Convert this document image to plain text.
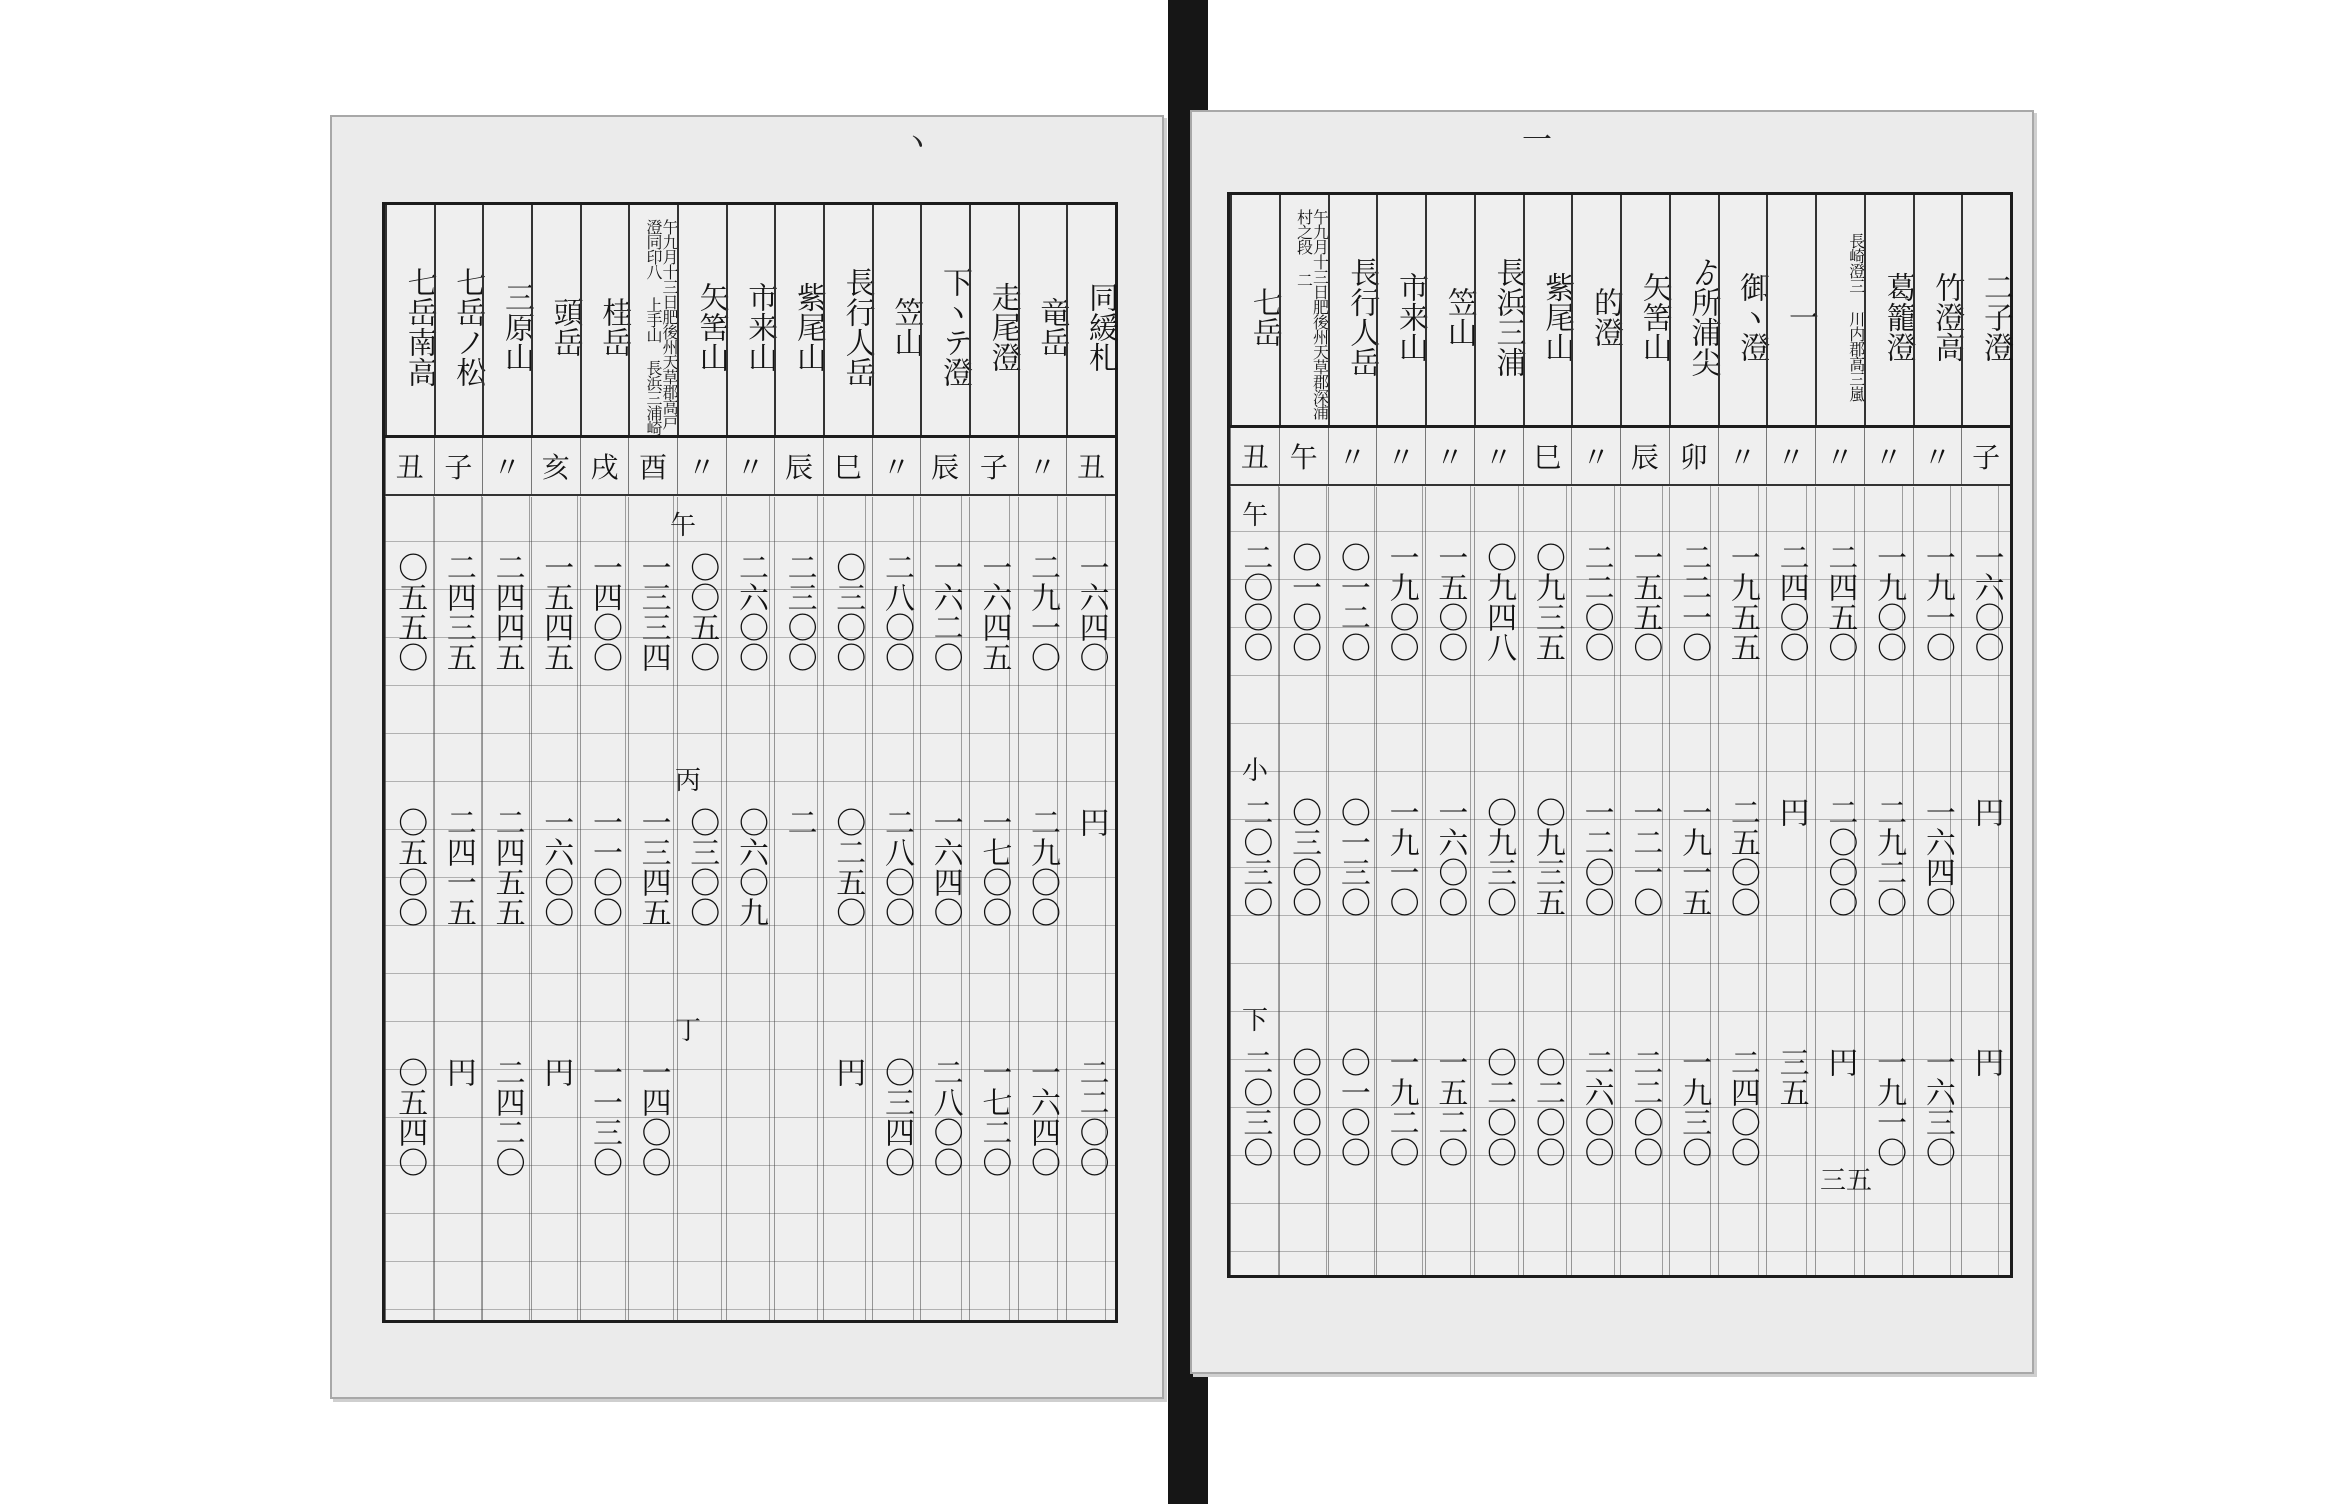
ヽ
同緩札
竜岳
走尾澄
下ヽテ澄
笠山
長行人岳
紫尾山
市来山
矢筈山
午九月十三日肥後州天草郡高戸澄同印八 上手山 長浜三浦崎
桂岳
頭岳
三原山
七岳ノ松
七岳南高
丑
〃
子
辰
〃
巳
辰
〃
〃
酉
戌
亥
〃
子
丑
一六四〇
円
二二〇〇
二九一〇
二九〇〇
一六四〇
一六四五
一七〇〇
一七二〇
一六二〇
一六四〇
二八〇〇
二八〇〇
二八〇〇
〇三四〇
〇三〇〇
〇二五〇
円
二三〇〇
二
二六〇〇
〇六〇九
〇〇五〇
〇三〇〇
一三三四
一三四五
一四〇〇
一四〇〇
一一〇〇
一一三〇
一五四五
一六〇〇
円
二四四五
二四五五
二四二〇
二四三五
二四一五
円
〇五五〇
〇五〇〇
〇五四〇
午
丙
丁
一
二子澄
竹澄高
葛籠澄
長崎澄三 川内郡高三嵐
一
御ヽ澄
ゟ所浦尖
矢筈山
的澄
紫尾山
長浜三浦
笠山
市来山
長行人岳
午九月十三日肥後州天草郡深浦村之段 二
七岳
子
〃
〃
〃
〃
〃
卯
辰
〃
巳
〃
〃
〃
〃
午
丑
一六〇〇
円
円
一九一〇
一六四〇
一六三〇
一九〇〇
二九二〇
一九一〇
二四五〇
二〇〇〇
円
二四〇〇
円
三五
一九五五
二五〇〇
二四〇〇
二二一〇
一九一五
一九三〇
一五五〇
一二一〇
二二〇〇
二二〇〇
一二〇〇
二六〇〇
〇九三五
〇九三五
〇二〇〇
〇九四八
〇九三〇
〇二〇〇
一五〇〇
一六〇〇
一五二〇
一九〇〇
一九一〇
一九二〇
〇一二〇
〇一三〇
〇一〇〇
〇一〇〇
〇三〇〇
〇〇〇〇
二〇〇〇
二〇三〇
二〇三〇
午
小
下
三五
